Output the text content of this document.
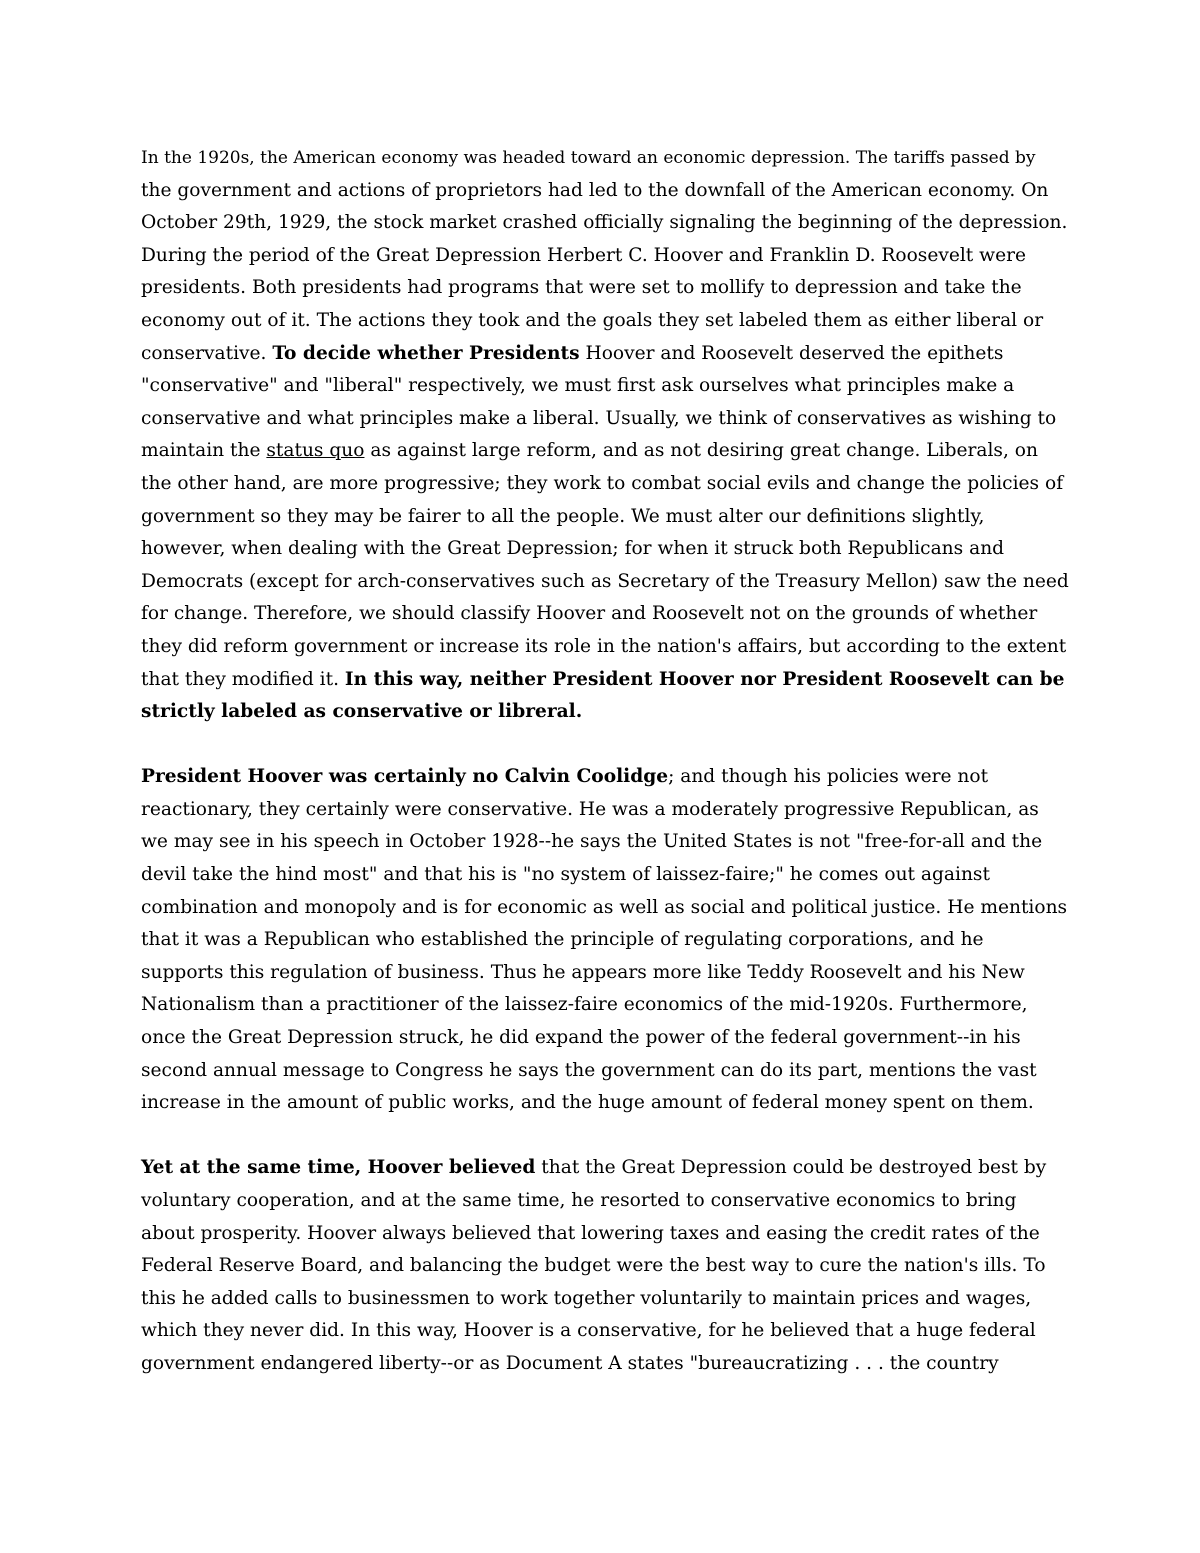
In the 1920s, the American economy was headed toward an economic depression. The tariffs passed by the government and actions of proprietors had led to the downfall of the American economy. On October 29th, 1929, the stock market crashed officially signaling the beginning of the depression. During the period of the Great Depression Herbert C. Hoover and Franklin D. Roosevelt were presidents. Both presidents had programs that were set to mollify to depression and take the economy out of it. The actions they took and the goals they set labeled them as either liberal or conservative. To decide whether Presidents Hoover and Roosevelt deserved the epithets "conservative" and "liberal" respectively, we must first ask ourselves what principles make a conservative and what principles make a liberal. Usually, we think of conservatives as wishing to maintain the status quo as against large reform, and as not desiring great change. Liberals, on the other hand, are more progressive; they work to combat social evils and change the policies of government so they may be fairer to all the people. We must alter our definitions slightly, however, when dealing with the Great Depression; for when it struck both Republicans and Democrats (except for arch-conservatives such as Secretary of the Treasury Mellon) saw the need for change. Therefore, we should classify Hoover and Roosevelt not on the grounds of whether they did reform government or increase its role in the nation's affairs, but according to the extent that they modified it. In this way, neither President Hoover nor President Roosevelt can be strictly labeled as conservative or libreral.

President Hoover was certainly no Calvin Coolidge; and though his policies were not reactionary, they certainly were conservative. He was a moderately progressive Republican, as we may see in his speech in October 1928--he says the United States is not "free-for-all and the devil take the hind most" and that his is "no system of laissez-faire;" he comes out against combination and monopoly and is for economic as well as social and political justice. He mentions that it was a Republican who established the principle of regulating corporations, and he supports this regulation of business. Thus he appears more like Teddy Roosevelt and his New Nationalism than a practitioner of the laissez-faire economics of the mid-1920s. Furthermore, once the Great Depression struck, he did expand the power of the federal government--in his second annual message to Congress he says the government can do its part, mentions the vast increase in the amount of public works, and the huge amount of federal money spent on them.

Yet at the same time, Hoover believed that the Great Depression could be destroyed best by voluntary cooperation, and at the same time, he resorted to conservative economics to bring about prosperity. Hoover always believed that lowering taxes and easing the credit rates of the Federal Reserve Board, and balancing the budget were the best way to cure the nation's ills. To this he added calls to businessmen to work together voluntarily to maintain prices and wages, which they never did. In this way, Hoover is a conservative, for he believed that a huge federal government endangered liberty--or as Document A states "bureaucratizing . . . the country
